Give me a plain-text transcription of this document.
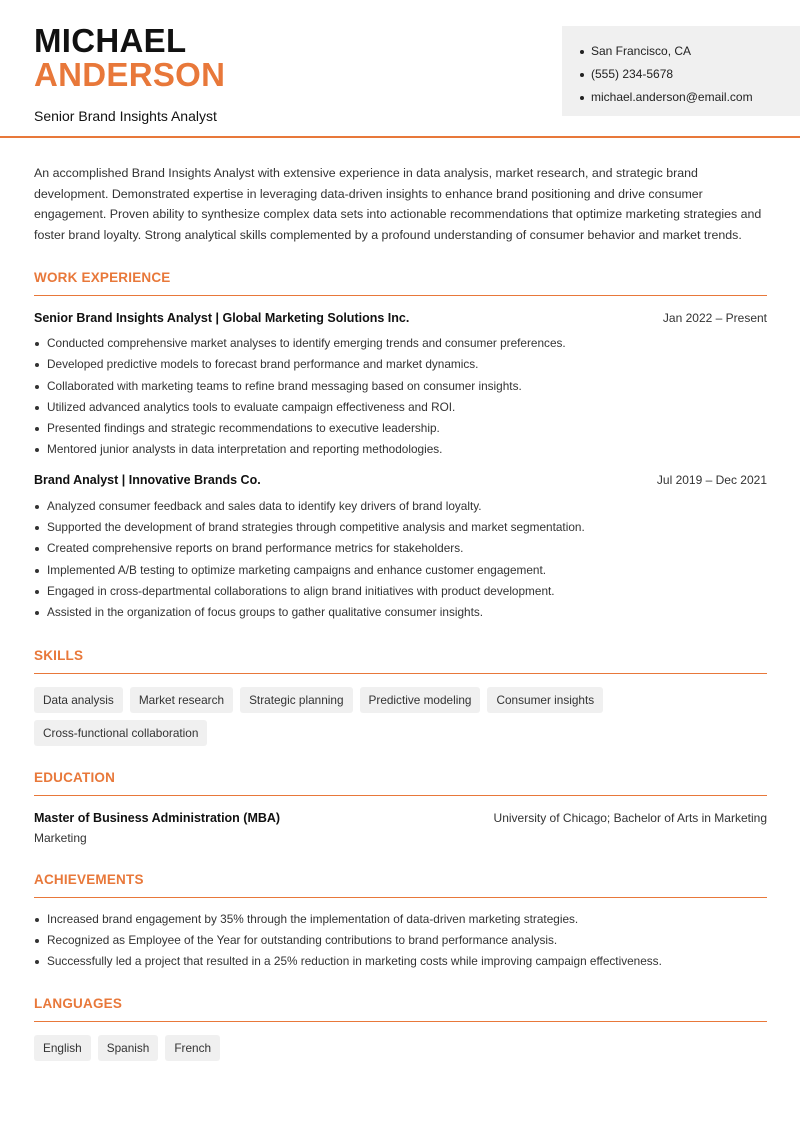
MICHAEL
ANDERSON
Senior Brand Insights Analyst
San Francisco, CA
(555) 234-5678
michael.anderson@email.com

An accomplished Brand Insights Analyst with extensive experience in data analysis, market research, and strategic brand development. Demonstrated expertise in leveraging data-driven insights to enhance brand positioning and drive consumer engagement. Proven ability to synthesize complex data sets into actionable recommendations that optimize marketing strategies and foster brand loyalty. Strong analytical skills complemented by a profound understanding of consumer behavior and market trends.

WORK EXPERIENCE
Senior Brand Insights Analyst | Global Marketing Solutions Inc.	Jan 2022 – Present
Conducted comprehensive market analyses to identify emerging trends and consumer preferences.
Developed predictive models to forecast brand performance and market dynamics.
Collaborated with marketing teams to refine brand messaging based on consumer insights.
Utilized advanced analytics tools to evaluate campaign effectiveness and ROI.
Presented findings and strategic recommendations to executive leadership.
Mentored junior analysts in data interpretation and reporting methodologies.
Brand Analyst | Innovative Brands Co.	Jul 2019 – Dec 2021
Analyzed consumer feedback and sales data to identify key drivers of brand loyalty.
Supported the development of brand strategies through competitive analysis and market segmentation.
Created comprehensive reports on brand performance metrics for stakeholders.
Implemented A/B testing to optimize marketing campaigns and enhance customer engagement.
Engaged in cross-departmental collaborations to align brand initiatives with product development.
Assisted in the organization of focus groups to gather qualitative consumer insights.
SKILLS
Data analysis	Market research	Strategic planning	Predictive modeling	Consumer insights
Cross-functional collaboration
EDUCATION
Master of Business Administration (MBA)	University of Chicago; Bachelor of Arts in Marketing
Marketing
ACHIEVEMENTS
Increased brand engagement by 35% through the implementation of data-driven marketing strategies.
Recognized as Employee of the Year for outstanding contributions to brand performance analysis.
Successfully led a project that resulted in a 25% reduction in marketing costs while improving campaign effectiveness.
LANGUAGES
English	Spanish	French
